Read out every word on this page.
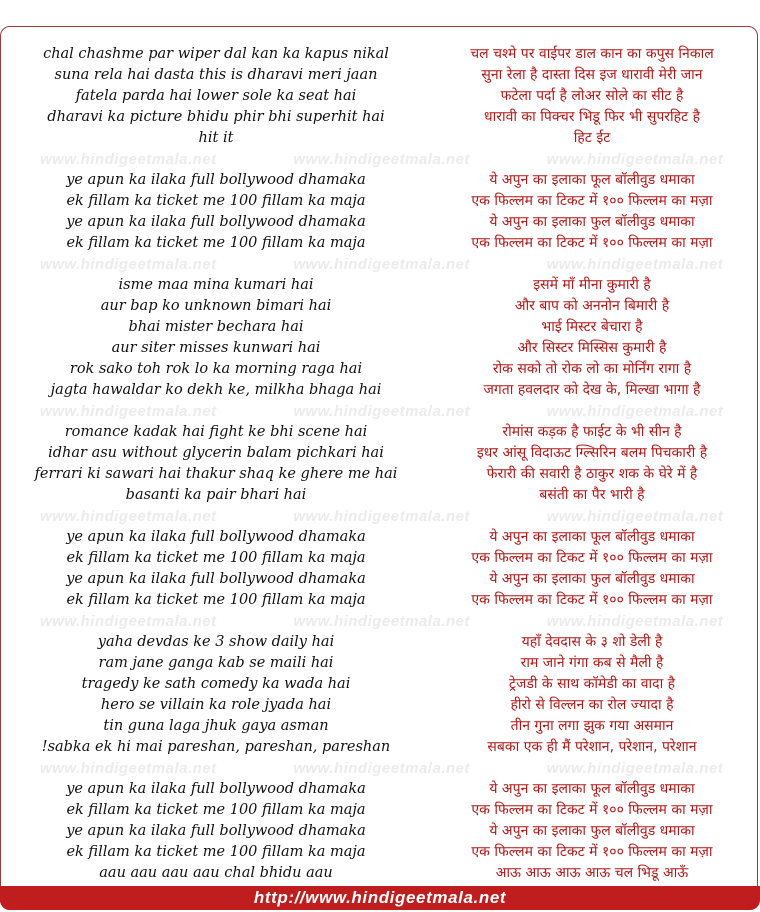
chal chashme par wiper dal kan ka kapus nikal	चल चश्मे पर वाईपर डाल कान का कपुस निकाल
suna rela hai dasta this is dharavi meri jaan	सुना रेला है दास्ता दिस इज धारावी मेरी जान
fatela parda hai lower sole ka seat hai	फटेला पर्दा है लोअर सोले का सीट है
dharavi ka picture bhidu phir bhi superhit hai	धारावी का पिक्चर भिडू फिर भी सुपरहिट है
hit it	हिट ईट
www.hindigeetmala.net	www.hindigeetmala.net	www.hindigeetmala.net
ye apun ka ilaka full bollywood dhamaka	ये अपुन का इलाका फूल बॉलीवुड धमाका
ek fillam ka ticket me 100 fillam ka maja	एक फिल्लम का टिकट में १०० फिल्लम का मज़ा
ye apun ka ilaka full bollywood dhamaka	ये अपुन का इलाका फुल बॉलीवुड धमाका
ek fillam ka ticket me 100 fillam ka maja	एक फिल्लम का टिकट में १०० फिल्लम का मज़ा
www.hindigeetmala.net	www.hindigeetmala.net	www.hindigeetmala.net
isme maa mina kumari hai	इसमें माँ मीना कुमारी है
aur bap ko unknown bimari hai	और बाप को अननोन बिमारी है
bhai mister bechara hai	भाई मिस्टर बेचारा है
aur siter misses kunwari hai	और सिस्टर मिस्सिस कुमारी है
rok sako toh rok lo ka morning raga hai	रोक सको तो रोक लो का मोर्निंग रागा है
jagta hawaldar ko dekh ke, milkha bhaga hai	जगता हवलदार को देख के, मिल्खा भागा है
www.hindigeetmala.net	www.hindigeetmala.net	www.hindigeetmala.net
romance kadak hai fight ke bhi scene hai	रोमांस कड़क है फाईट के भी सीन है
idhar asu without glycerin balam pichkari hai	इधर आंसू विदाऊट ग्ल्सिरिन बलम पिचकारी है
ferrari ki sawari hai thakur shaq ke ghere me hai	फेरारी की सवारी है ठाकुर शक के घेरे में है
basanti ka pair bhari hai	बसंती का पैर भारी है
www.hindigeetmala.net	www.hindigeetmala.net	www.hindigeetmala.net
ye apun ka ilaka full bollywood dhamaka	ये अपुन का इलाका फूल बॉलीवुड धमाका
ek fillam ka ticket me 100 fillam ka maja	एक फिल्लम का टिकट में १०० फिल्लम का मज़ा
ye apun ka ilaka full bollywood dhamaka	ये अपुन का इलाका फुल बॉलीवुड धमाका
ek fillam ka ticket me 100 fillam ka maja	एक फिल्लम का टिकट में १०० फिल्लम का मज़ा
www.hindigeetmala.net	www.hindigeetmala.net	www.hindigeetmala.net
yaha devdas ke 3 show daily hai	यहाँ देवदास के ३ शो डेली है
ram jane ganga kab se maili hai	राम जाने गंगा कब से मैली है
tragedy ke sath comedy ka wada hai	ट्रेजडी के साथ कॉमेडी का वादा है
hero se villain ka role jyada hai	हीरो से विल्लन का रोल ज्यादा है
tin guna laga jhuk gaya asman	तीन गुना लगा झुक गया असमान
!sabka ek hi mai pareshan, pareshan, pareshan	सबका एक ही मैं परेशान, परेशान, परेशान
www.hindigeetmala.net	www.hindigeetmala.net	www.hindigeetmala.net
ye apun ka ilaka full bollywood dhamaka	ये अपुन का इलाका फूल बॉलीवुड धमाका
ek fillam ka ticket me 100 fillam ka maja	एक फिल्लम का टिकट में १०० फिल्लम का मज़ा
ye apun ka ilaka full bollywood dhamaka	ये अपुन का इलाका फुल बॉलीवुड धमाका
ek fillam ka ticket me 100 fillam ka maja	एक फिल्लम का टिकट में १०० फिल्लम का मज़ा
aau aau aau aau chal bhidu aau	आऊ आऊ आऊ आऊ चल भिडू आऊँ
http://www.hindigeetmala.net
